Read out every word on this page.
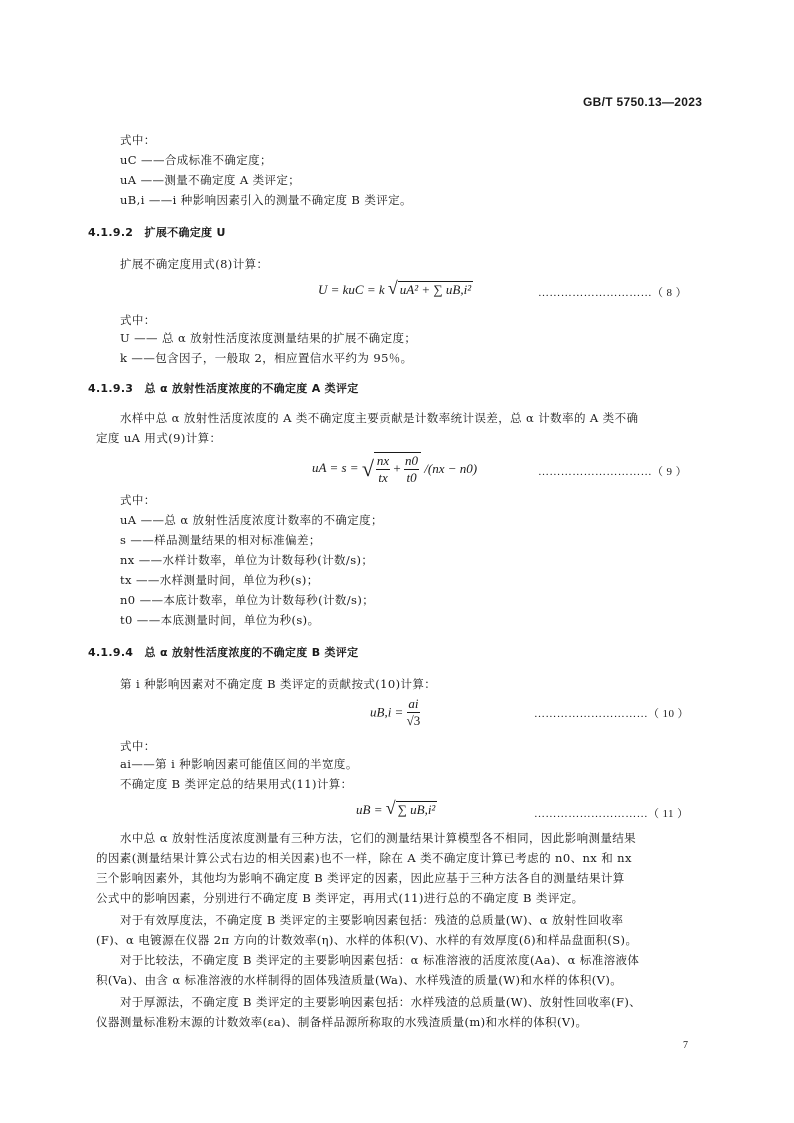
GB/T 5750.13—2023
式中：
uC ——合成标准不确定度；
uA ——测量不确定度 A 类评定；
uB,i ——i 种影响因素引入的测量不确定度 B 类评定。
4.1.9.2　扩展不确定度 U
扩展不确定度用式(8)计算：
U = kuC = k √ uA² + ∑ uB,i²	…………………………（ 8 ）
式中：
U —— 总 α 放射性活度浓度测量结果的扩展不确定度；
k ——包含因子，一般取 2，相应置信水平约为 95％。
4.1.9.3　总 α 放射性活度浓度的不确定度 A 类评定
水样中总 α 放射性活度浓度的 A 类不确定度主要贡献是计数率统计误差，总 α 计数率的 A 类不确
定度 uA 用式(9)计算：
uA = s = √ $\frac{nx}{tx} + \frac{n0}{t0} /(nx - n0)$	…………………………（ 9 ）
式中：
uA ——总 α 放射性活度浓度计数率的不确定度；
s ——样品测量结果的相对标准偏差；
nx ——水样计数率，单位为计数每秒(计数/s)；
tx ——水样测量时间，单位为秒(s)；
n0 ——本底计数率，单位为计数每秒(计数/s)；
t0 ——本底测量时间，单位为秒(s)。
4.1.9.4　总 α 放射性活度浓度的不确定度 B 类评定
第 i 种影响因素对不确定度 B 类评定的贡献按式(10)计算：
$uB,i = \frac{ai}{√3}$	…………………………（ 10 ）
式中：
ai——第 i 种影响因素可能值区间的半宽度。
不确定度 B 类评定总的结果用式(11)计算：
uB = √ ∑ uB,i²	…………………………（ 11 ）
水中总 α 放射性活度浓度测量有三种方法，它们的测量结果计算模型各不相同，因此影响测量结果
的因素(测量结果计算公式右边的相关因素)也不一样，除在 A 类不确定度计算已考虑的 n0、nx 和 nx
三个影响因素外，其他均为影响不确定度 B 类评定的因素，因此应基于三种方法各自的测量结果计算
公式中的影响因素，分别进行不确定度 B 类评定，再用式(11)进行总的不确定度 B 类评定。
对于有效厚度法，不确定度 B 类评定的主要影响因素包括：残渣的总质量(W)、α 放射性回收率
(F)、α 电镀源在仪器 2π 方向的计数效率(η)、水样的体积(V)、水样的有效厚度(δ)和样品盘面积(S)。
对于比较法，不确定度 B 类评定的主要影响因素包括：α 标准溶液的活度浓度(Aa)、α 标准溶液体
积(Va)、由含 α 标准溶液的水样制得的固体残渣质量(Wa)、水样残渣的质量(W)和水样的体积(V)。
对于厚源法，不确定度 B 类评定的主要影响因素包括：水样残渣的总质量(W)、放射性回收率(F)、
仪器测量标准粉末源的计数效率(εa)、制备样品源所称取的水残渣质量(m)和水样的体积(V)。
7
